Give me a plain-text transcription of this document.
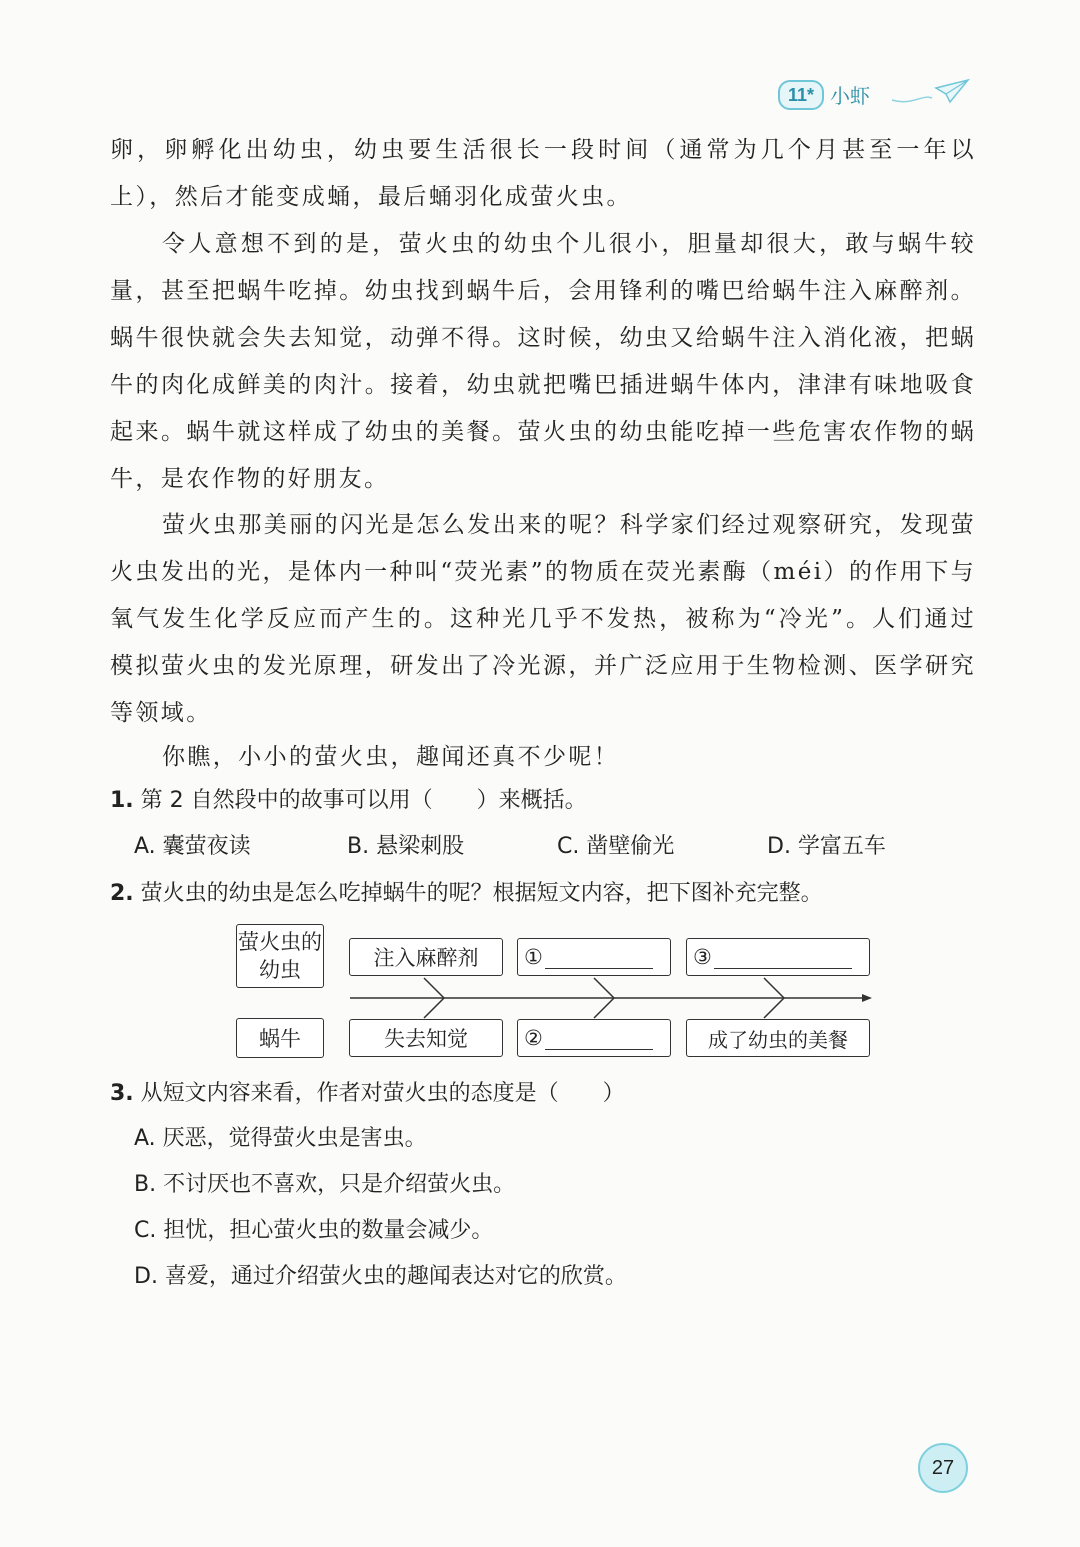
11* 小虾

卵，卵孵化出幼虫，幼虫要生活很长一段时间（通常为几个月甚至一年以上），然后才能变成蛹，最后蛹羽化成萤火虫。

令人意想不到的是，萤火虫的幼虫个儿很小，胆量却很大，敢与蜗牛较量，甚至把蜗牛吃掉。幼虫找到蜗牛后，会用锋利的嘴巴给蜗牛注入麻醉剂。蜗牛很快就会失去知觉，动弹不得。这时候，幼虫又给蜗牛注入消化液，把蜗牛的肉化成鲜美的肉汁。接着，幼虫就把嘴巴插进蜗牛体内，津津有味地吸食起来。蜗牛就这样成了幼虫的美餐。萤火虫的幼虫能吃掉一些危害农作物的蜗牛，是农作物的好朋友。

萤火虫那美丽的闪光是怎么发出来的呢？科学家们经过观察研究，发现萤火虫发出的光，是体内一种叫“荧光素”的物质在荧光素酶（méi）的作用下与氧气发生化学反应而产生的。这种光几乎不发热，被称为“冷光”。人们通过模拟萤火虫的发光原理，研发出了冷光源，并广泛应用于生物检测、医学研究等领域。

你瞧，小小的萤火虫，趣闻还真不少呢！

1. 第 2 自然段中的故事可以用（　　）来概括。
A. 囊萤夜读	B. 悬梁刺股	C. 凿壁偷光	D. 学富五车
2. 萤火虫的幼虫是怎么吃掉蜗牛的呢？根据短文内容，把下图补充完整。
萤火虫的幼虫
蜗牛
注入麻醉剂	①	③
失去知觉	②	成了幼虫的美餐
3. 从短文内容来看，作者对萤火虫的态度是（　　）
A. 厌恶，觉得萤火虫是害虫。
B. 不讨厌也不喜欢，只是介绍萤火虫。
C. 担忧，担心萤火虫的数量会减少。
D. 喜爱，通过介绍萤火虫的趣闻表达对它的欣赏。
27
